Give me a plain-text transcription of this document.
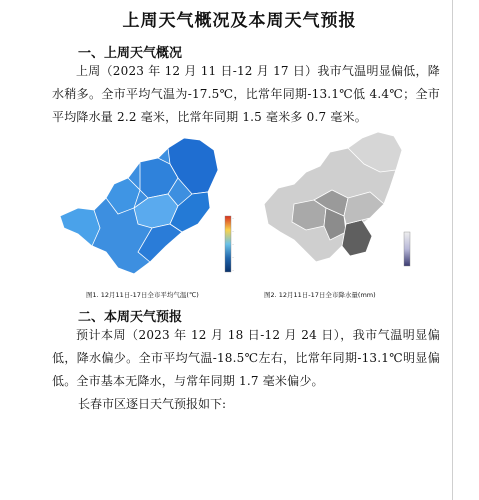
上周天气概况及本周天气预报
一、上周天气概况
上周（2023 年 12 月 11 日-12 月 17 日）我市气温明显偏低，降水稍多。全市平均气温为-17.5℃，比常年同期-13.1℃低 4.4℃；全市平均降水量 2.2 毫米，比常年同期 1.5 毫米多 0.7 毫米。
-
-
-
-
-
图1. 12月11日-17日全市平均气温(℃)	图2. 12月11日-17日全市降水量(mm)
二、本周天气预报
预计本周（2023 年 12 月 18 日-12 月 24 日），我市气温明显偏低，降水偏少。全市平均气温-18.5℃左右，比常年同期-13.1℃明显偏低。全市基本无降水，与常年同期 1.7 毫米偏少。
长春市区逐日天气预报如下:
